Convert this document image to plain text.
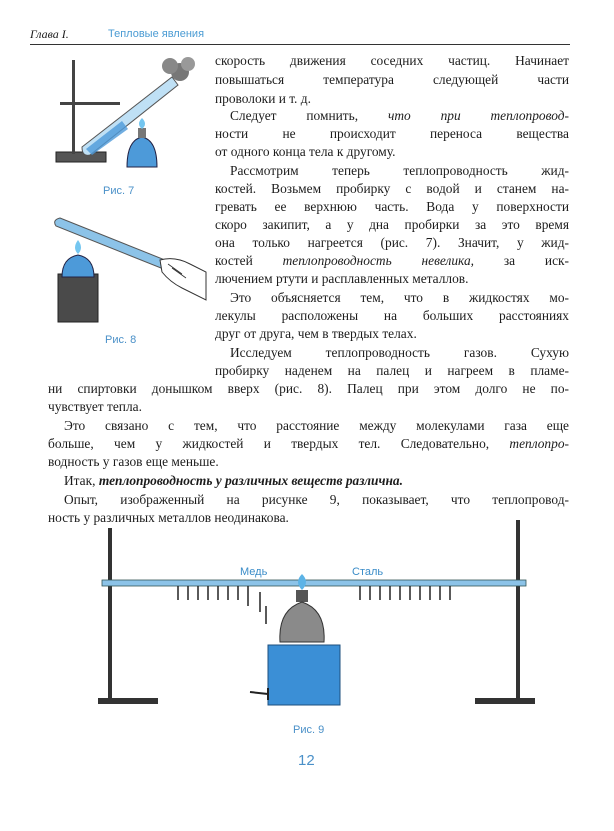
Глава I.	Тепловые явления
Рис. 7
Рис. 8
скорость движения соседних частиц. Начинает
повышаться температура следующей части
проволоки и т. д.
Следует помнить, что при теплопровод-
ности не происходит переноса вещества
от одного конца тела к другому.
Рассмотрим теперь теплопроводность жид-
костей. Возьмем пробирку с водой и станем на-
гревать ее верхнюю часть. Вода у поверхности
скоро закипит, а у дна пробирки за это время
она только нагреется (рис. 7). Значит, у жид-
костей теплопроводность невелика, за иск-
лючением ртути и расплавленных металлов.
Это объясняется тем, что в жидкостях мо-
лекулы расположены на больших расстояниях
друг от друга, чем в твердых телах.
Исследуем теплопроводность газов. Сухую
пробирку наденем на палец и нагреем в пламе-
ни спиртовки донышком вверх (рис. 8). Палец при этом долго не по-
чувствует тепла.
Это связано с тем, что расстояние между молекулами газа еще
больше, чем у жидкостей и твердых тел. Следовательно, теплопро-
водность у газов еще меньше.
Итак, теплопроводность у различных веществ различна.
Опыт, изображенный на рисунке 9, показывает, что теплопровод-
ность у различных металлов неодинакова.
Медь	Сталь
Рис. 9
12
